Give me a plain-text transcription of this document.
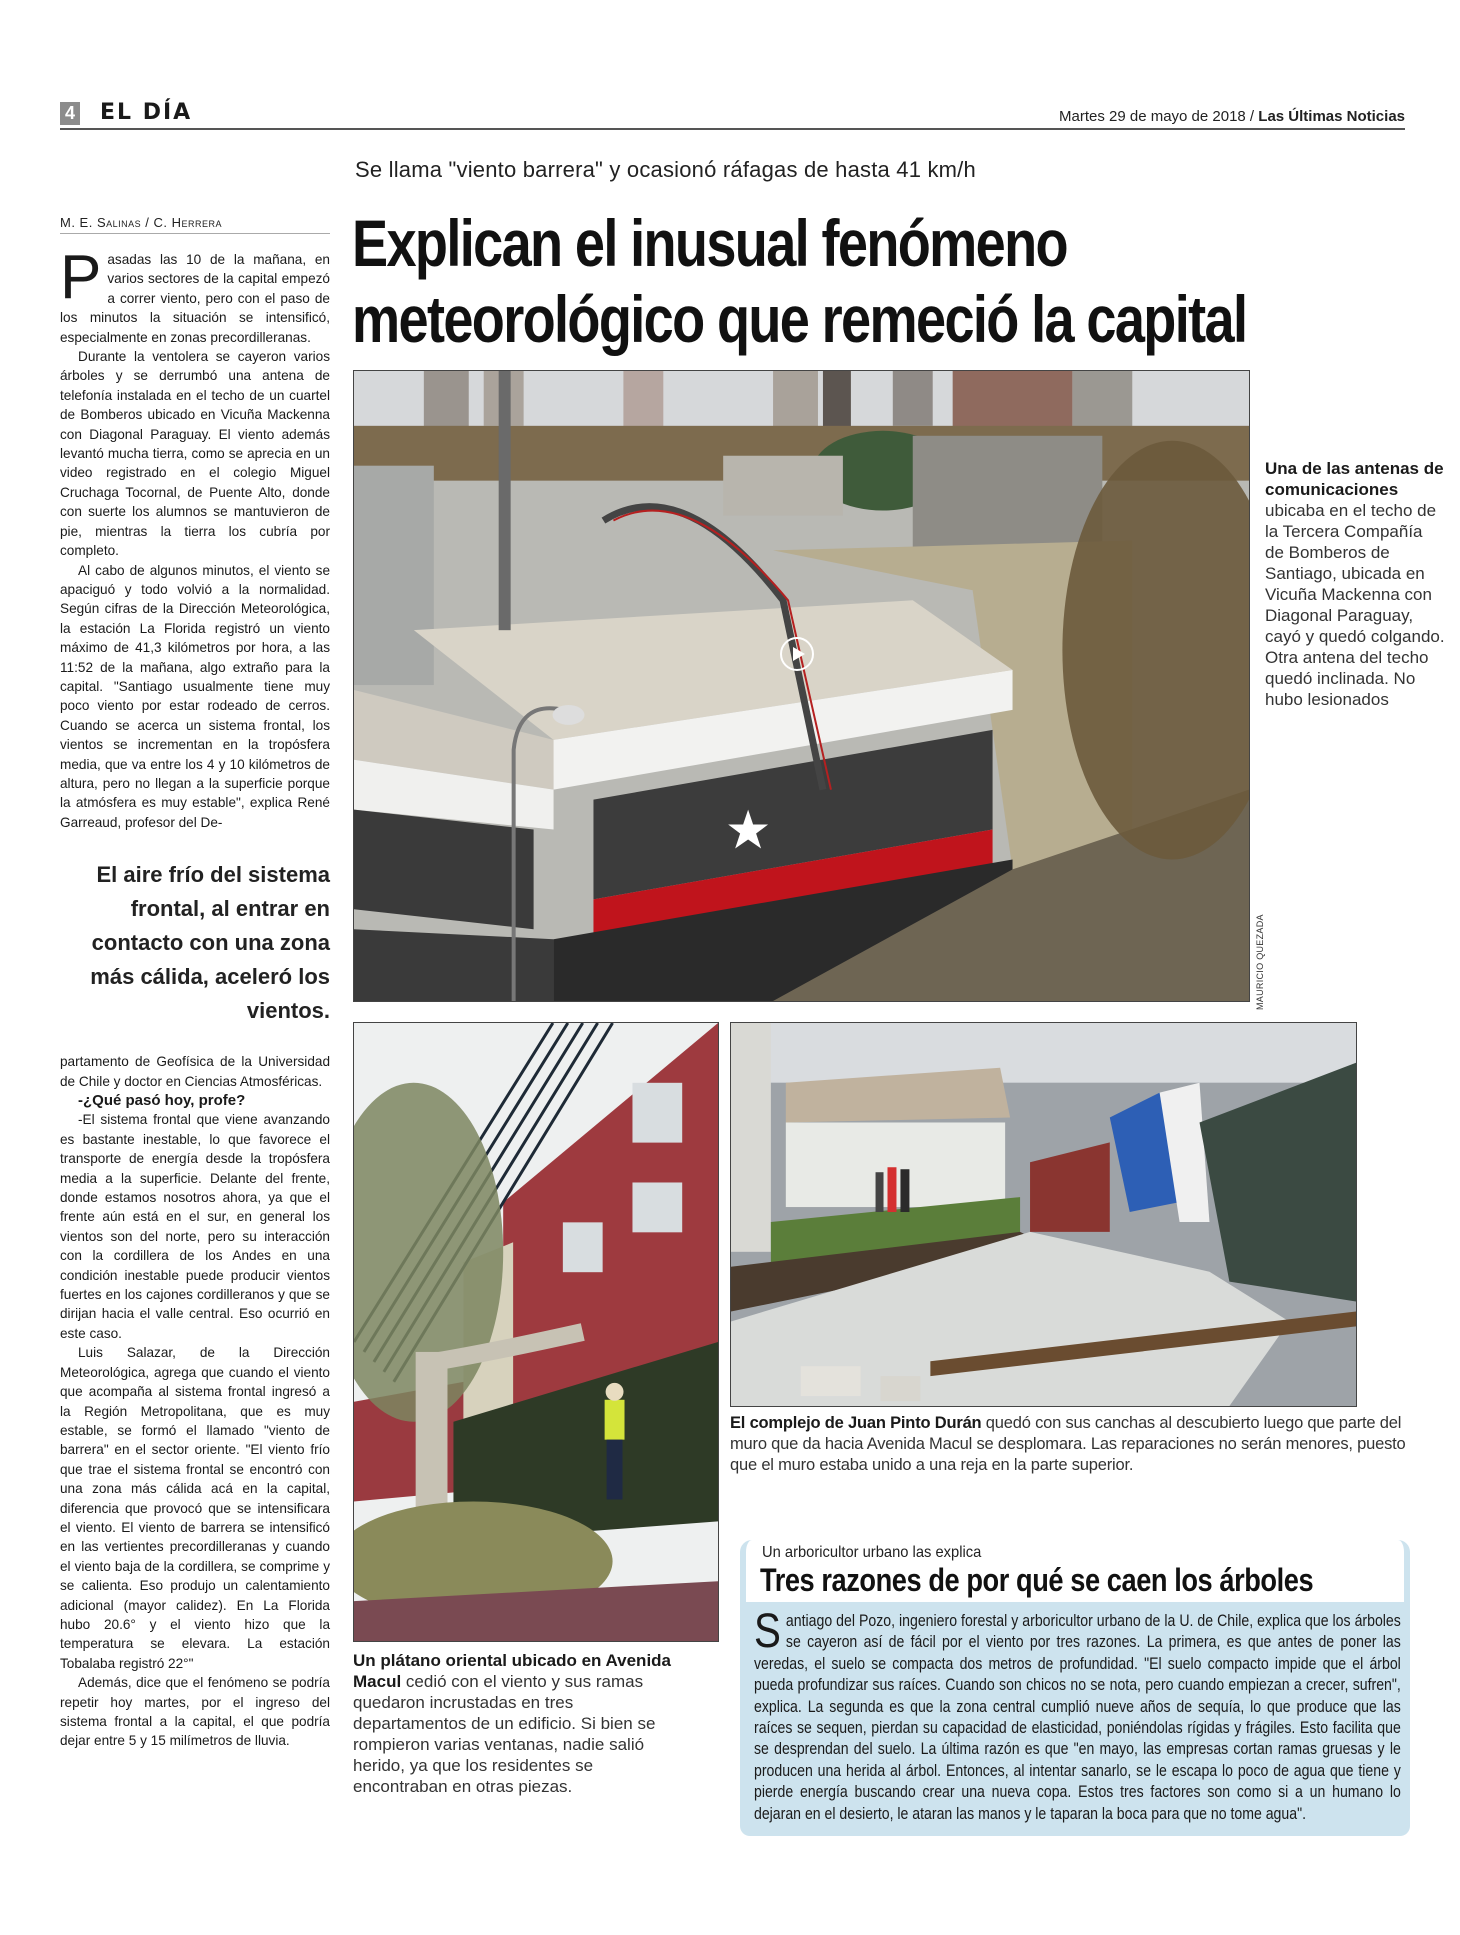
4 EL DÍA	Martes 29 de mayo de 2018 / Las Últimas Noticias
Se llama "viento barrera" y ocasionó ráfagas de hasta 41 km/h
M. E. Salinas / C. Herrera	Explican el inusual fenómeno
meteorológico que remeció la capital

Pasadas las 10 de la mañana, en varios sectores de la capital empezó a correr viento, pero con el paso de los minutos la situación se intensificó, especialmente en zonas precordilleranas.

Durante la ventolera se cayeron varios árboles y se derrumbó una antena de telefonía instalada en el techo de un cuartel de Bomberos ubicado en Vicuña Mackenna con Diagonal Paraguay. El viento además levantó mucha tierra, como se aprecia en un video registrado en el colegio Miguel Cruchaga Tocornal, de Puente Alto, donde con suerte los alumnos se mantuvieron de pie, mientras la tierra los cubría por completo.

Al cabo de algunos minutos, el viento se apaciguó y todo volvió a la normalidad. Según cifras de la Dirección Meteorológica, la estación La Florida registró un viento máximo de 41,3 kilómetros por hora, a las 11:52 de la mañana, algo extraño para la capital. "Santiago usualmente tiene muy poco viento por estar rodeado de cerros. Cuando se acerca un sistema frontal, los vientos se incrementan en la tropósfera media, que va entre los 4 y 10 kilómetros de altura, pero no llegan a la superficie porque la atmósfera es muy estable", explica René Garreaud, profesor del De-

El aire frío del sistema frontal, al entrar en contacto con una zona más cálida, aceleró los vientos.

partamento de Geofísica de la Universidad de Chile y doctor en Ciencias Atmosféricas.

-¿Qué pasó hoy, profe?

-El sistema frontal que viene avanzando es bastante inestable, lo que favorece el transporte de energía desde la tropósfera media a la superficie. Delante del frente, donde estamos nosotros ahora, ya que el frente aún está en el sur, en general los vientos son del norte, pero su interacción con la cordillera de los Andes en una condición inestable puede producir vientos fuertes en los cajones cordilleranos y que se dirijan hacia el valle central. Eso ocurrió en este caso.

Luis Salazar, de la Dirección Meteorológica, agrega que cuando el viento que acompaña al sistema frontal ingresó a la Región Metropolitana, que es muy estable, se formó el llamado "viento de barrera" en el sector oriente. "El viento frío que trae el sistema frontal se encontró con una zona más cálida acá en la capital, diferencia que provocó que se intensificara el viento. El viento de barrera se intensificó en las vertientes precordilleranas y cuando el viento baja de la cordillera, se comprime y se calienta. Eso produjo un calentamiento adicional (mayor calidez). En La Florida hubo 20.6° y el viento hizo que la temperatura se elevara. La estación Tobalaba registró 22°"

Además, dice que el fenómeno se podría repetir hoy martes, por el ingreso del sistema frontal a la capital, el que podría dejar entre 5 y 15 milímetros de lluvia.

MAURICIO QUEZADA
Una de las antenas de comunicaciones ubicaba en el techo de la Tercera Compañía de Bomberos de Santiago, ubicada en Vicuña Mackenna con Diagonal Paraguay, cayó y quedó colgando. Otra antena del techo quedó inclinada. No hubo lesionados
Un plátano oriental ubicado en Avenida Macul cedió con el viento y sus ramas quedaron incrustadas en tres departamentos de un edificio. Si bien se rompieron varias ventanas, nadie salió herido, ya que los residentes se encontraban en otras piezas.
El complejo de Juan Pinto Durán quedó con sus canchas al descubierto luego que parte del muro que da hacia Avenida Macul se desplomara. Las reparaciones no serán menores, puesto que el muro estaba unido a una reja en la parte superior.
Un arboricultor urbano las explica
Tres razones de por qué se caen los árboles
Santiago del Pozo, ingeniero forestal y arboricultor urbano de la U. de Chile, explica que los árboles se cayeron así de fácil por el viento por tres razones. La primera, es que antes de poner las veredas, el suelo se compacta dos metros de profundidad. "El suelo compacto impide que el árbol pueda profundizar sus raíces. Cuando son chicos no se nota, pero cuando empiezan a crecer, sufren", explica. La segunda es que la zona central cumplió nueve años de sequía, lo que produce que las raíces se sequen, pierdan su capacidad de elasticidad, poniéndolas rígidas y frágiles. Esto facilita que se desprendan del suelo. La última razón es que "en mayo, las empresas cortan ramas gruesas y le producen una herida al árbol. Entonces, al intentar sanarlo, se le escapa lo poco de agua que tiene y pierde energía buscando crear una nueva copa. Estos tres factores son como si a un humano lo dejaran en el desierto, le ataran las manos y le taparan la boca para que no tome agua".
